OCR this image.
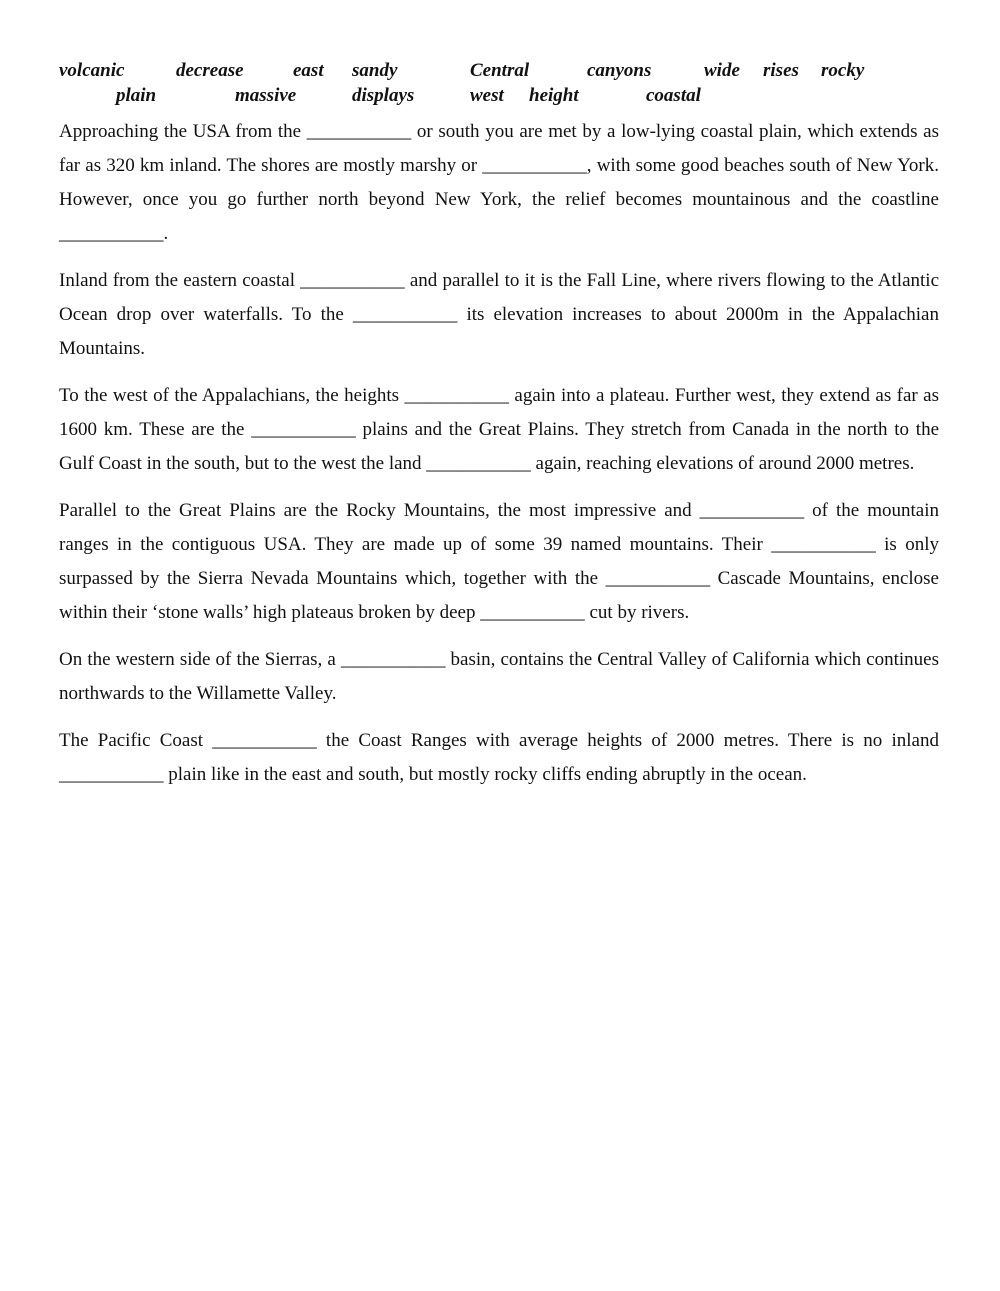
volcanic	decrease	east sandy	Central	canyons	wide rises rocky
plain	massive	displays	west height	coastal

Approaching the USA from the ___________ or south you are met by a low-lying coastal plain, which extends as far as 320 km inland. The shores are mostly marshy or ___________, with some good beaches south of New York. However, once you go further north beyond New York, the relief becomes mountainous and the coastline ___________.

Inland from the eastern coastal ___________ and parallel to it is the Fall Line, where rivers flowing to the Atlantic Ocean drop over waterfalls. To the ___________ its elevation increases to about 2000m in the Appalachian Mountains.

To the west of the Appalachians, the heights ___________ again into a plateau. Further west, they extend as far as 1600 km. These are the ___________ plains and the Great Plains. They stretch from Canada in the north to the Gulf Coast in the south, but to the west the land ___________ again, reaching elevations of around 2000 metres.

Parallel to the Great Plains are the Rocky Mountains, the most impressive and ___________ of the mountain ranges in the contiguous USA. They are made up of some 39 named mountains. Their ___________ is only surpassed by the Sierra Nevada Mountains which, together with the ___________ Cascade Mountains, enclose within their ‘stone walls’ high plateaus broken by deep ___________ cut by rivers.

On the western side of the Sierras, a ___________ basin, contains the Central Valley of California which continues northwards to the Willamette Valley.

The Pacific Coast ___________ the Coast Ranges with average heights of 2000 metres. There is no inland ___________ plain like in the east and south, but mostly rocky cliffs ending abruptly in the ocean.
